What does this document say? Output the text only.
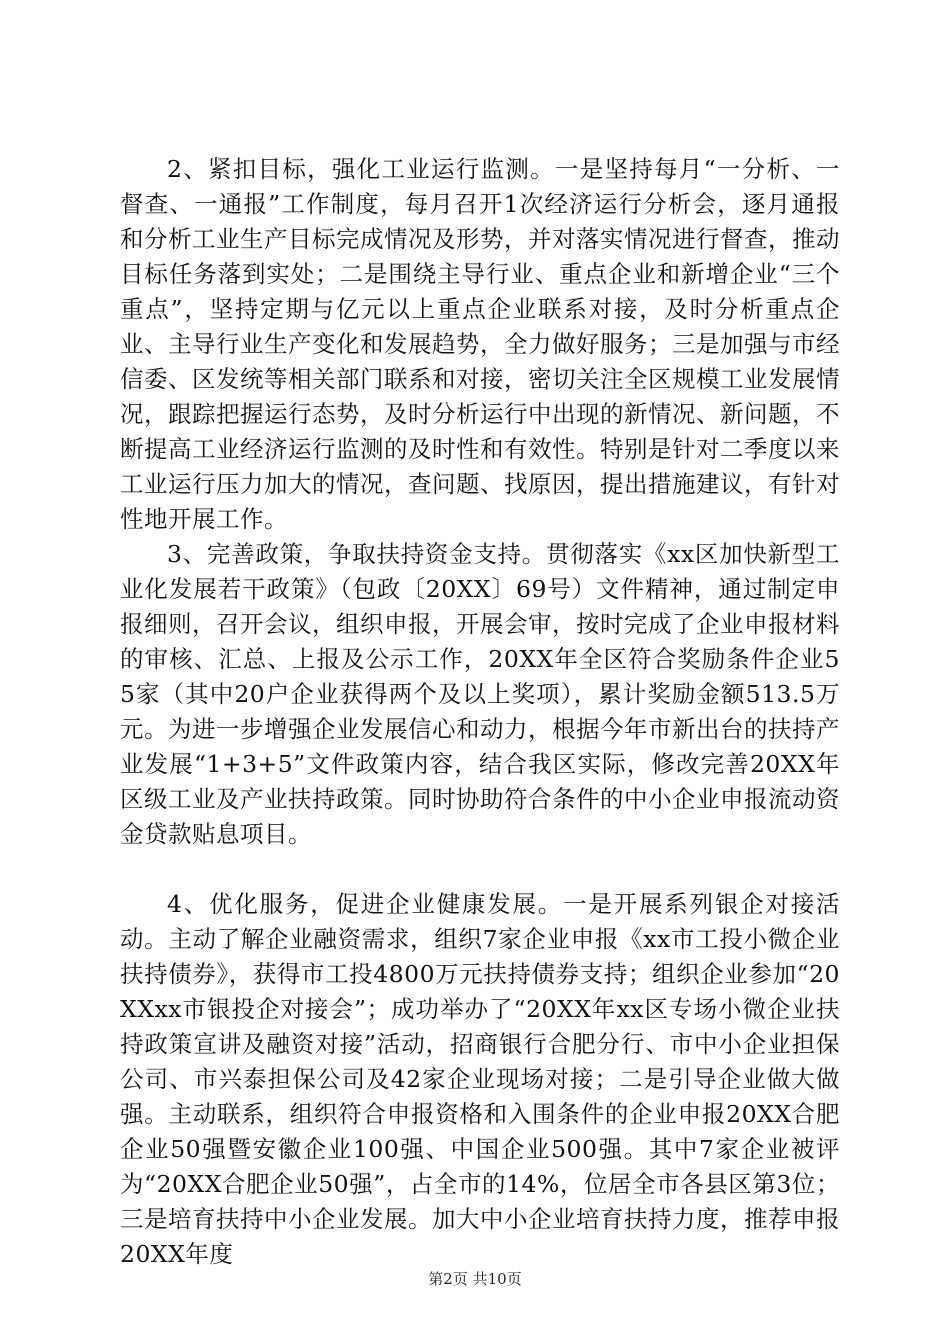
2、紧扣目标，强化工业运行监测。一是坚持每月“一分析、一督查、一通报”工作制度，每月召开1次经济运行分析会，逐月通报和分析工业生产目标完成情况及形势，并对落实情况进行督查，推动目标任务落到实处；二是围绕主导行业、重点企业和新增企业“三个重点”，坚持定期与亿元以上重点企业联系对接，及时分析重点企业、主导行业生产变化和发展趋势，全力做好服务；三是加强与市经信委、区发统等相关部门联系和对接，密切关注全区规模工业发展情况，跟踪把握运行态势，及时分析运行中出现的新情况、新问题，不断提高工业经济运行监测的及时性和有效性。特别是针对二季度以来工业运行压力加大的情况，查问题、找原因，提出措施建议，有针对性地开展工作。

3、完善政策，争取扶持资金支持。贯彻落实《xx区加快新型工业化发展若干政策》（包政〔20XX〕69号）文件精神，通过制定申报细则，召开会议，组织申报，开展会审，按时完成了企业申报材料的审核、汇总、上报及公示工作，20XX年全区符合奖励条件企业55家（其中20户企业获得两个及以上奖项），累计奖励金额513.5万元。为进一步增强企业发展信心和动力，根据今年市新出台的扶持产业发展“1+3+5”文件政策内容，结合我区实际，修改完善20XX年区级工业及产业扶持政策。同时协助符合条件的中小企业申报流动资金贷款贴息项目。

4、优化服务，促进企业健康发展。一是开展系列银企对接活动。主动了解企业融资需求，组织7家企业申报《xx市工投小微企业扶持债券》，获得市工投4800万元扶持债券支持；组织企业参加“20XXxx市银投企对接会”；成功举办了“20XX年xx区专场小微企业扶持政策宣讲及融资对接”活动，招商银行合肥分行、市中小企业担保公司、市兴泰担保公司及42家企业现场对接；二是引导企业做大做强。主动联系，组织符合申报资格和入围条件的企业申报20XX合肥企业50强暨安徽企业100强、中国企业500强。其中7家企业被评为“20XX合肥企业50强”，占全市的14%，位居全市各县区第3位；三是培育扶持中小企业发展。加大中小企业培育扶持力度，推荐申报20XX年度

第2页 共10页
